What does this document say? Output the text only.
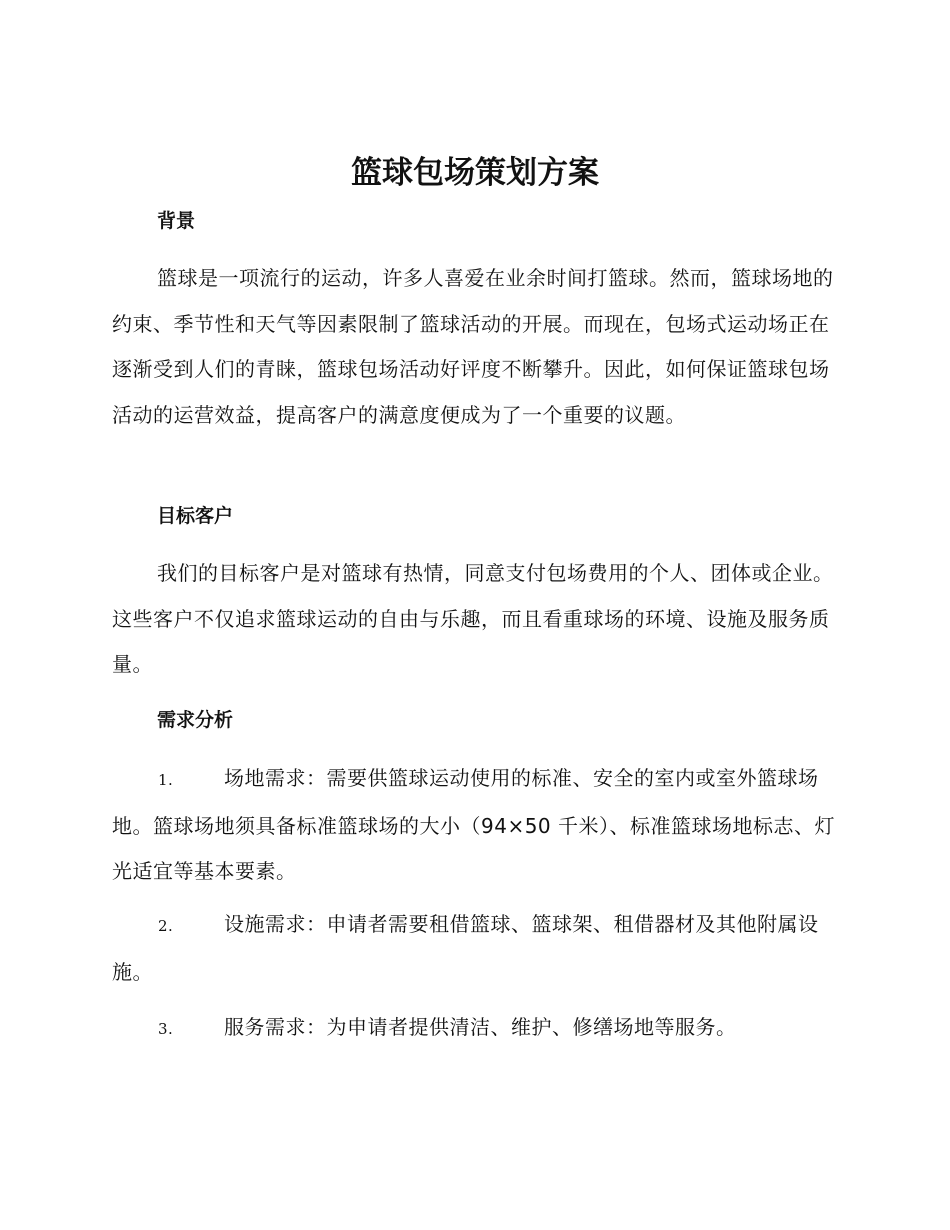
篮球包场策划方案
背景

篮球是一项流行的运动，许多人喜爱在业余时间打篮球。然而，篮球场地的约束、季节性和天气等因素限制了篮球活动的开展。而现在，包场式运动场正在逐渐受到人们的青睐，篮球包场活动好评度不断攀升。因此，如何保证篮球包场活动的运营效益，提高客户的满意度便成为了一个重要的议题。

目标客户

我们的目标客户是对篮球有热情，同意支付包场费用的个人、团体或企业。这些客户不仅追求篮球运动的自由与乐趣，而且看重球场的环境、设施及服务质量。

需求分析

1.	场地需求：需要供篮球运动使用的标准、安全的室内或室外篮球场地。篮球场地须具备标准篮球场的大小（94×50 千米）、标准篮球场地标志、灯光适宜等基本要素。

2.	设施需求：申请者需要租借篮球、篮球架、租借器材及其他附属设施。

3.	服务需求：为申请者提供清洁、维护、修缮场地等服务。
